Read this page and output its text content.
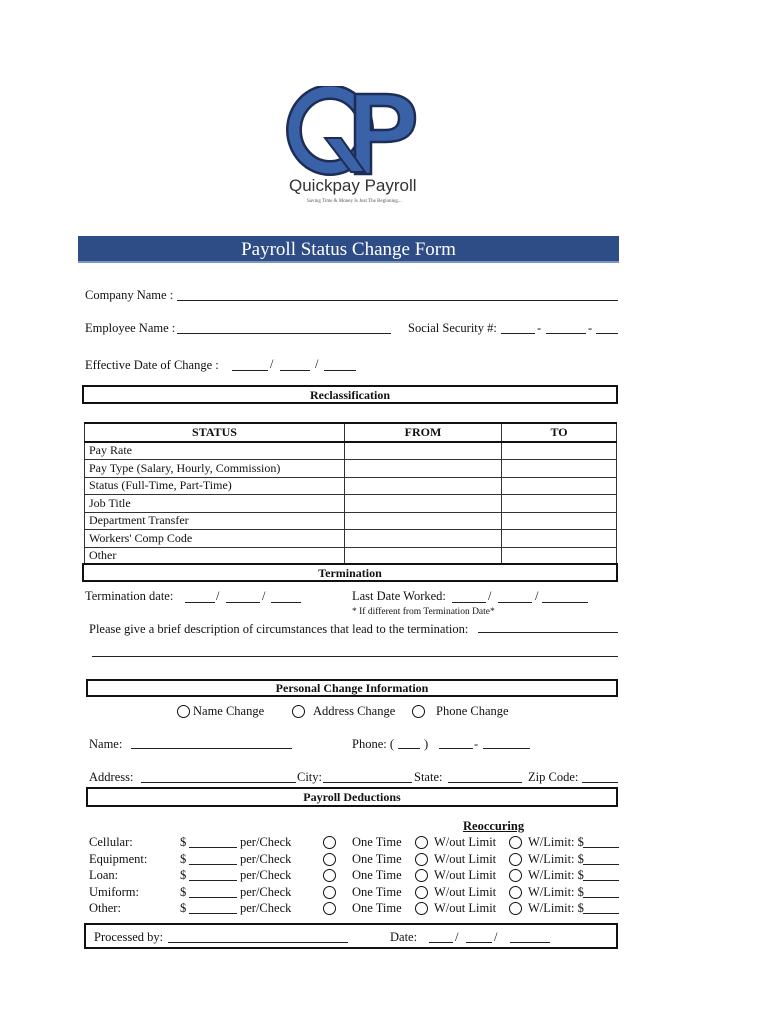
Quickpay Payroll
Saving Time & Money Is Just The Beginning...
Payroll Status Change Form
Company Name :
Employee Name :	Social Security #:	-	-
Effective Date of Change :	/	/
Reclassification
STATUS	FROM	TO
Pay Rate		
Pay Type (Salary, Hourly, Commission)		
Status (Full-Time, Part-Time)		
Job Title		
Department Transfer		
Workers' Comp Code		
Other		
Termination
Termination date:	/	/	Last Date Worked:	/	/
* If different from Termination Date*
Please give a brief description of circumstances that lead to the termination:
Personal Change Information
Name Change	Address Change	Phone Change
Name:	Phone: ( )	-
Address:	City:	State:	Zip Code:
Payroll Deductions
Reoccuring
Cellular:	$	per/Check	One Time	W/out Limit	W/Limit: $
Equipment:	$	per/Check	One Time	W/out Limit	W/Limit: $
Loan:	$	per/Check	One Time	W/out Limit	W/Limit: $
Umiform:	$	per/Check	One Time	W/out Limit	W/Limit: $
Other:	$	per/Check	One Time	W/out Limit	W/Limit: $
Processed by:	Date:	/	/
